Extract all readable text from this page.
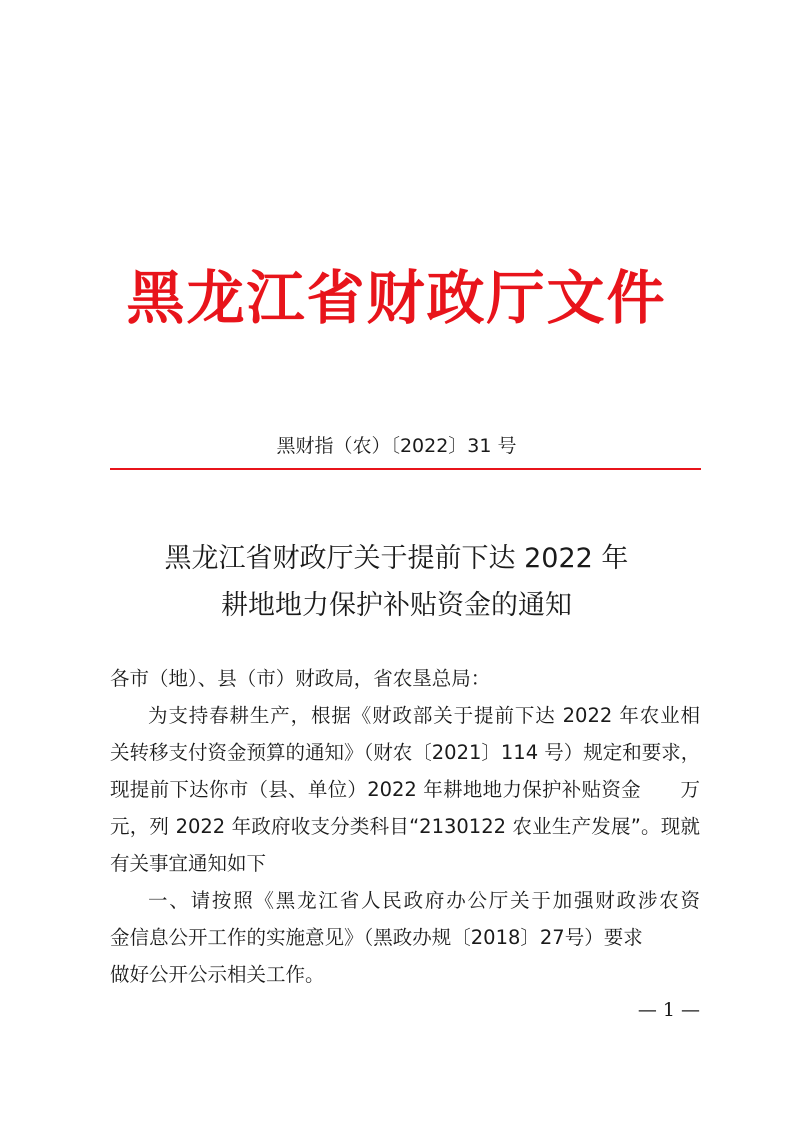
黑龙江省财政厅文件
黑财指（农）〔2022〕31 号
黑龙江省财政厅关于提前下达 2022 年
耕地地力保护补贴资金的通知
各市（地）、县（市）财政局，省农垦总局：
为支持春耕生产，根据《财政部关于提前下达 2022 年农业相
关转移支付资金预算的通知》（财农〔2021〕114 号）规定和要求，
现提前下达你市（县、单位）2022 年耕地地力保护补贴资金　　万
元，列 2022 年政府收支分类科目“2130122 农业生产发展”。现就
有关事宜通知如下
一、请按照《黑龙江省人民政府办公厅关于加强财政涉农资
金信息公开工作的实施意见》（黑政办规〔2018〕27号）要求
做好公开公示相关工作。
— 1 —
